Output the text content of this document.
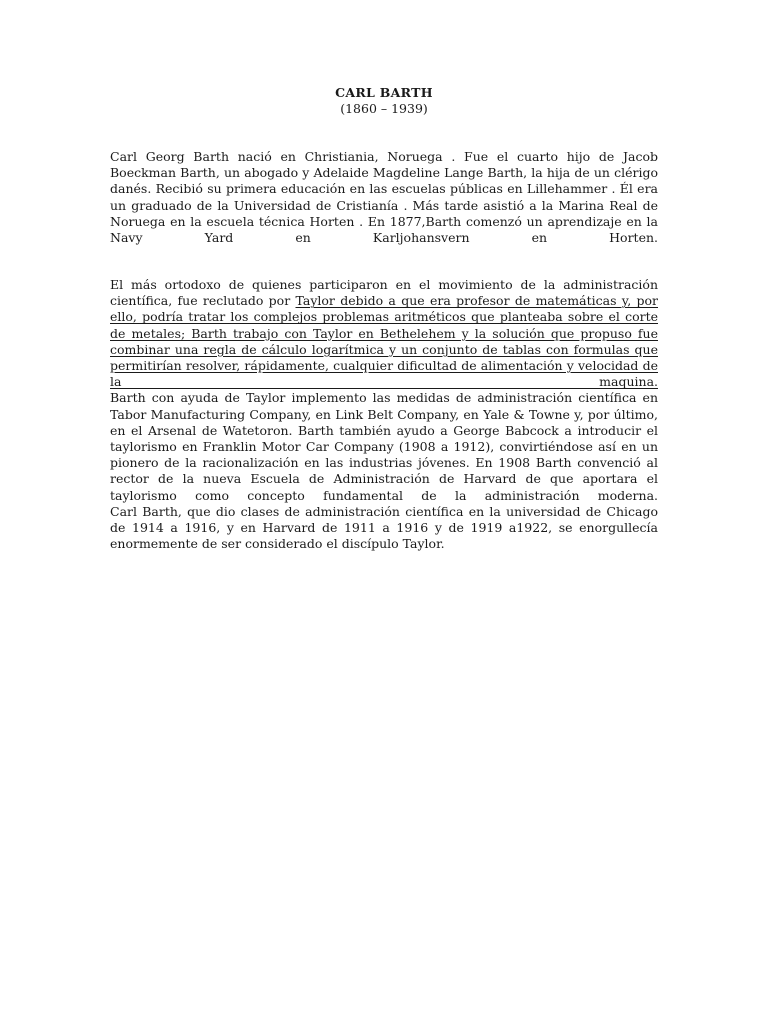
CARL BARTH
(1860 – 1939)

Carl Georg Barth nació en Christiania, Noruega . Fue el cuarto hijo de Jacob Boeckman Barth, un abogado y Adelaide Magdeline Lange Barth, la hija de un clérigo danés. Recibió su primera educación en las escuelas públicas en Lillehammer . Él era un graduado de la Universidad de Cristianía . Más tarde asistió a la Marina Real de Noruega en la escuela técnica Horten . En 1877,Barth comenzó un aprendizaje en la Navy Yard en Karljohansvern en Horten.

El más ortodoxo de quienes participaron en el movimiento de la administración científica, fue reclutado por Taylor debido a que era profesor de matemáticas y, por ello, podría tratar los complejos problemas aritméticos que planteaba sobre el corte de metales; Barth trabajo con Taylor en Bethelehem y la solución que propuso fue combinar una regla de cálculo logarítmica y un conjunto de tablas con formulas que permitirían resolver, rápidamente, cualquier dificultad de alimentación y velocidad de la maquina.

Barth con ayuda de Taylor implemento las medidas de administración científica en Tabor Manufacturing Company, en Link Belt Company, en Yale & Towne y, por último, en el Arsenal de Watetoron. Barth también ayudo a George Babcock a introducir el taylorismo en Franklin Motor Car Company (1908 a 1912), convirtiéndose así en un pionero de la racionalización en las industrias jóvenes. En 1908 Barth convenció al rector de la nueva Escuela de Administración de Harvard de que aportara el taylorismo como concepto fundamental de la administración moderna.

Carl Barth, que dio clases de administración científica en la universidad de Chicago de 1914 a 1916, y en Harvard de 1911 a 1916 y de 1919 a1922, se enorgullecía enormemente de ser considerado el discípulo Taylor.
